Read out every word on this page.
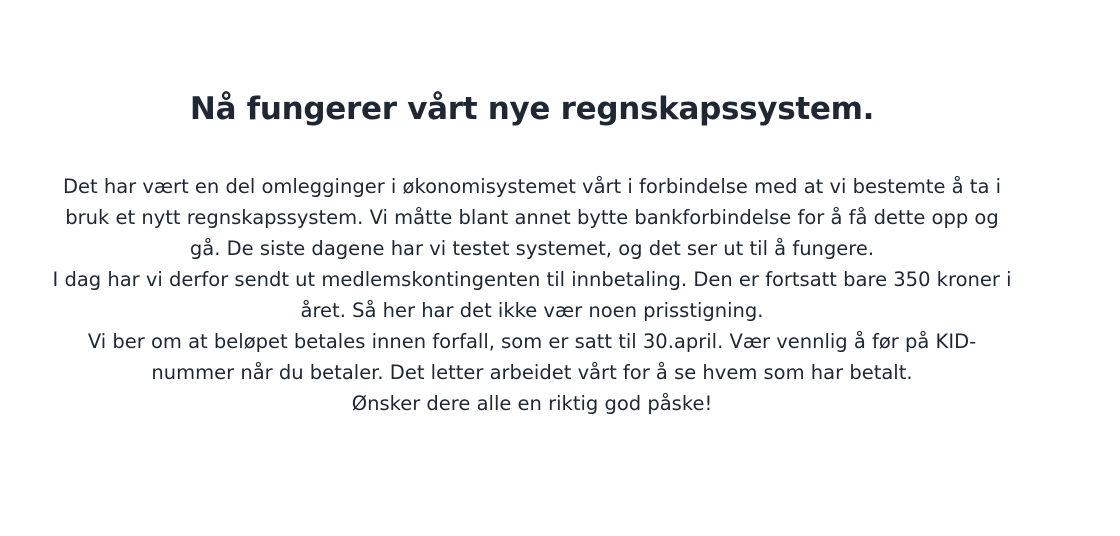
Nå fungerer vårt nye regnskapssystem.

Det har vært en del omlegginger i økonomisystemet vårt i forbindelse med at vi bestemte å ta i bruk et nytt regnskapssystem. Vi måtte blant annet bytte bankforbindelse for å få dette opp og gå. De siste dagene har vi testet systemet, og det ser ut til å fungere.

I dag har vi derfor sendt ut medlemskontingenten til innbetaling. Den er fortsatt bare 350 kroner i året. Så her har det ikke vær noen prisstigning.

Vi ber om at beløpet betales innen forfall, som er satt til 30.april. Vær vennlig å før på KID-nummer når du betaler. Det letter arbeidet vårt for å se hvem som har betalt.

Ønsker dere alle en riktig god påske!
